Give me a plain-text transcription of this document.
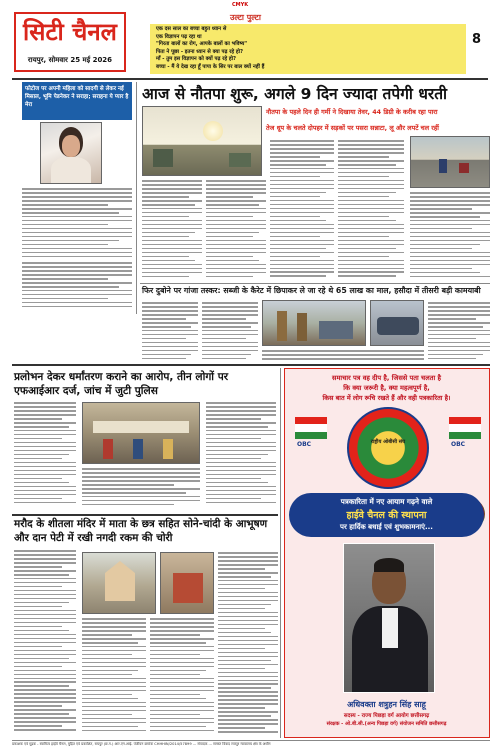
CMYK
सिटी चैनल
रायपुर, सोमवार 25 मई 2026
उल्टा पुल्टा
एक दस साल का बच्चा बहुत ध्यान से
एक विज्ञापन पढ़ रहा था
"गिरता बालों का रोग, आपके बालों का भविष्य"
पिता ने पूछा - इतना ध्यान से क्या पढ़ रहे हो?
माँ - तुम इस विज्ञापन को क्यों पढ़ रहे हो?
बच्चा - मैं ये देख रहा हूँ पापा के सिर पर बाल क्यों नहीं हैं
8
फोटोज पर अपनी महिला को सादगी से लेकर नई मिसाल, भूमि पेडनेकर ने सराहा; सराहना ये प्यार है मेरा
आज से नौतपा शुरू, अगले 9 दिन ज्यादा तपेगी धरती
नौतपा के पहले दिन ही गर्मी ने दिखाया तेवर, 44 डिग्री के करीब रहा पारा
तेज धूप के चलते दोपहर में सड़कों पर पसरा सन्नाटा, लू और लपटें चल रहीं
फिर दुबोने पर गांजा तस्कर: सब्जी के कैरेट में छिपाकर ले जा रहे थे 65 लाख का माल, हसौदा में तीसरी बड़ी कामयाबी
प्रलोभन देकर धर्मांतरण कराने का आरोप, तीन लोगों पर एफआईआर दर्ज, जांच में जुटी पुलिस
मरौद के शीतला मंदिर में माता के छत्र सहित सोने-चांदी के आभूषण और दान पेटी में रखी नगदी रकम की चोरी
समाचार पत्र वह दीप है, जिससे पता चलता है
कि क्या जरूरी है, क्या महत्वपूर्ण है,
किस बात में लोग रूचि रखते हैं और वही पत्रकारिता है।
OBC	OBC
राष्ट्रीय ओबीसी संघ
पत्रकारिता में नए आयाम गढ़ने वाले
हाईवे चैनल की स्थापना
पर हार्दिक बधाई एवं शुभकामनाएं...
अधिवक्ता शत्रुहन सिंह साहू
सदस्य - राज्य पिछड़ा वर्ग आयोग छत्तीसगढ़
संरक्षक - ओ.बी.सी.(अन्य पिछड़ा वर्ग) संयोजन समिति छत्तीसगढ़
प्रकाशक एवं मुद्रक - स्वामित्व हाईवे चैनल, मुद्रित एवं प्रकाशित, रायपुर (छ.ग.) आर.एन.आई. पंजीयन क्रमांक CHHHIN/2014/57899 ... संपादक ... समस्त विवाद रायपुर न्यायालय क्षेत्र के अधीन
